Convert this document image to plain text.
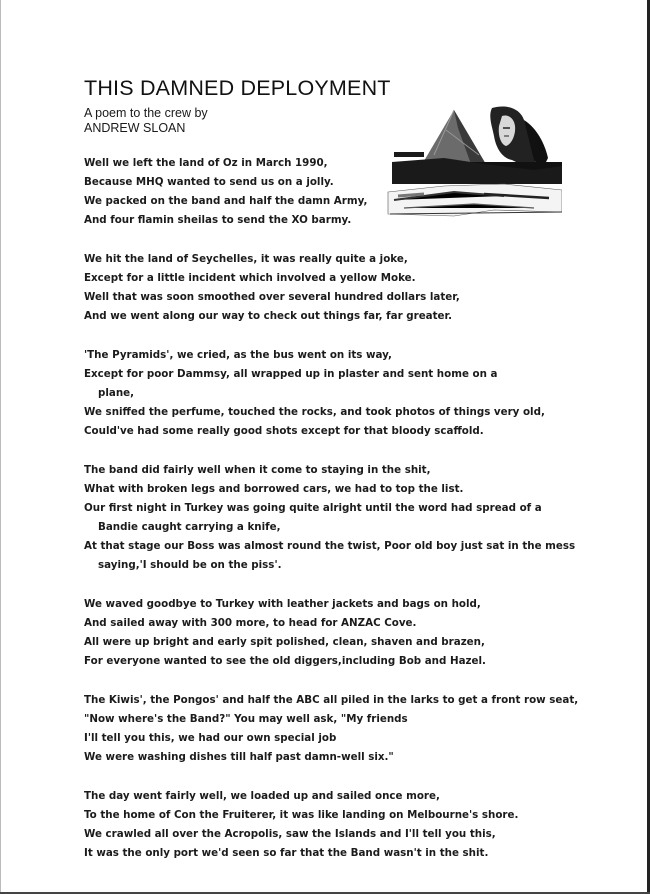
THIS DAMNED DEPLOYMENT
A poem to the crew by
ANDREW SLOAN
Well we left the land of Oz in March 1990,
Because MHQ wanted to send us on a jolly.
We packed on the band and half the damn Army,
And four flamin sheilas to send the XO barmy.
We hit the land of Seychelles, it was really quite a joke,
Except for a little incident which involved a yellow Moke.
Well that was soon smoothed over several hundred dollars later,
And we went along our way to check out things far, far greater.
'The Pyramids', we cried, as the bus went on its way,
Except for poor Dammsy, all wrapped up in plaster and sent home on a plane,
We sniffed the perfume, touched the rocks, and took photos of things very old,
Could've had some really good shots except for that bloody scaffold.
The band did fairly well when it come to staying in the shit,
What with broken legs and borrowed cars, we had to top the list.
Our first night in Turkey was going quite alright until the word had spread of a Bandie caught carrying a knife,
At that stage our Boss was almost round the twist, Poor old boy just sat in the mess saying,'I should be on the piss'.
We waved goodbye to Turkey with leather jackets and bags on hold,
And sailed away with 300 more, to head for ANZAC Cove.
All were up bright and early spit polished, clean, shaven and brazen,
For everyone wanted to see the old diggers,including Bob and Hazel.
The Kiwis', the Pongos' and half the ABC all piled in the larks to get a front row seat,
"Now where's the Band?" You may well ask, "My friends
I'll tell you this, we had our own special job
We were washing dishes till half past damn-well six."
The day went fairly well, we loaded up and sailed once more,
To the home of Con the Fruiterer, it was like landing on Melbourne's shore.
We crawled all over the Acropolis, saw the Islands and I'll tell you this,
It was the only port we'd seen so far that the Band wasn't in the shit.
